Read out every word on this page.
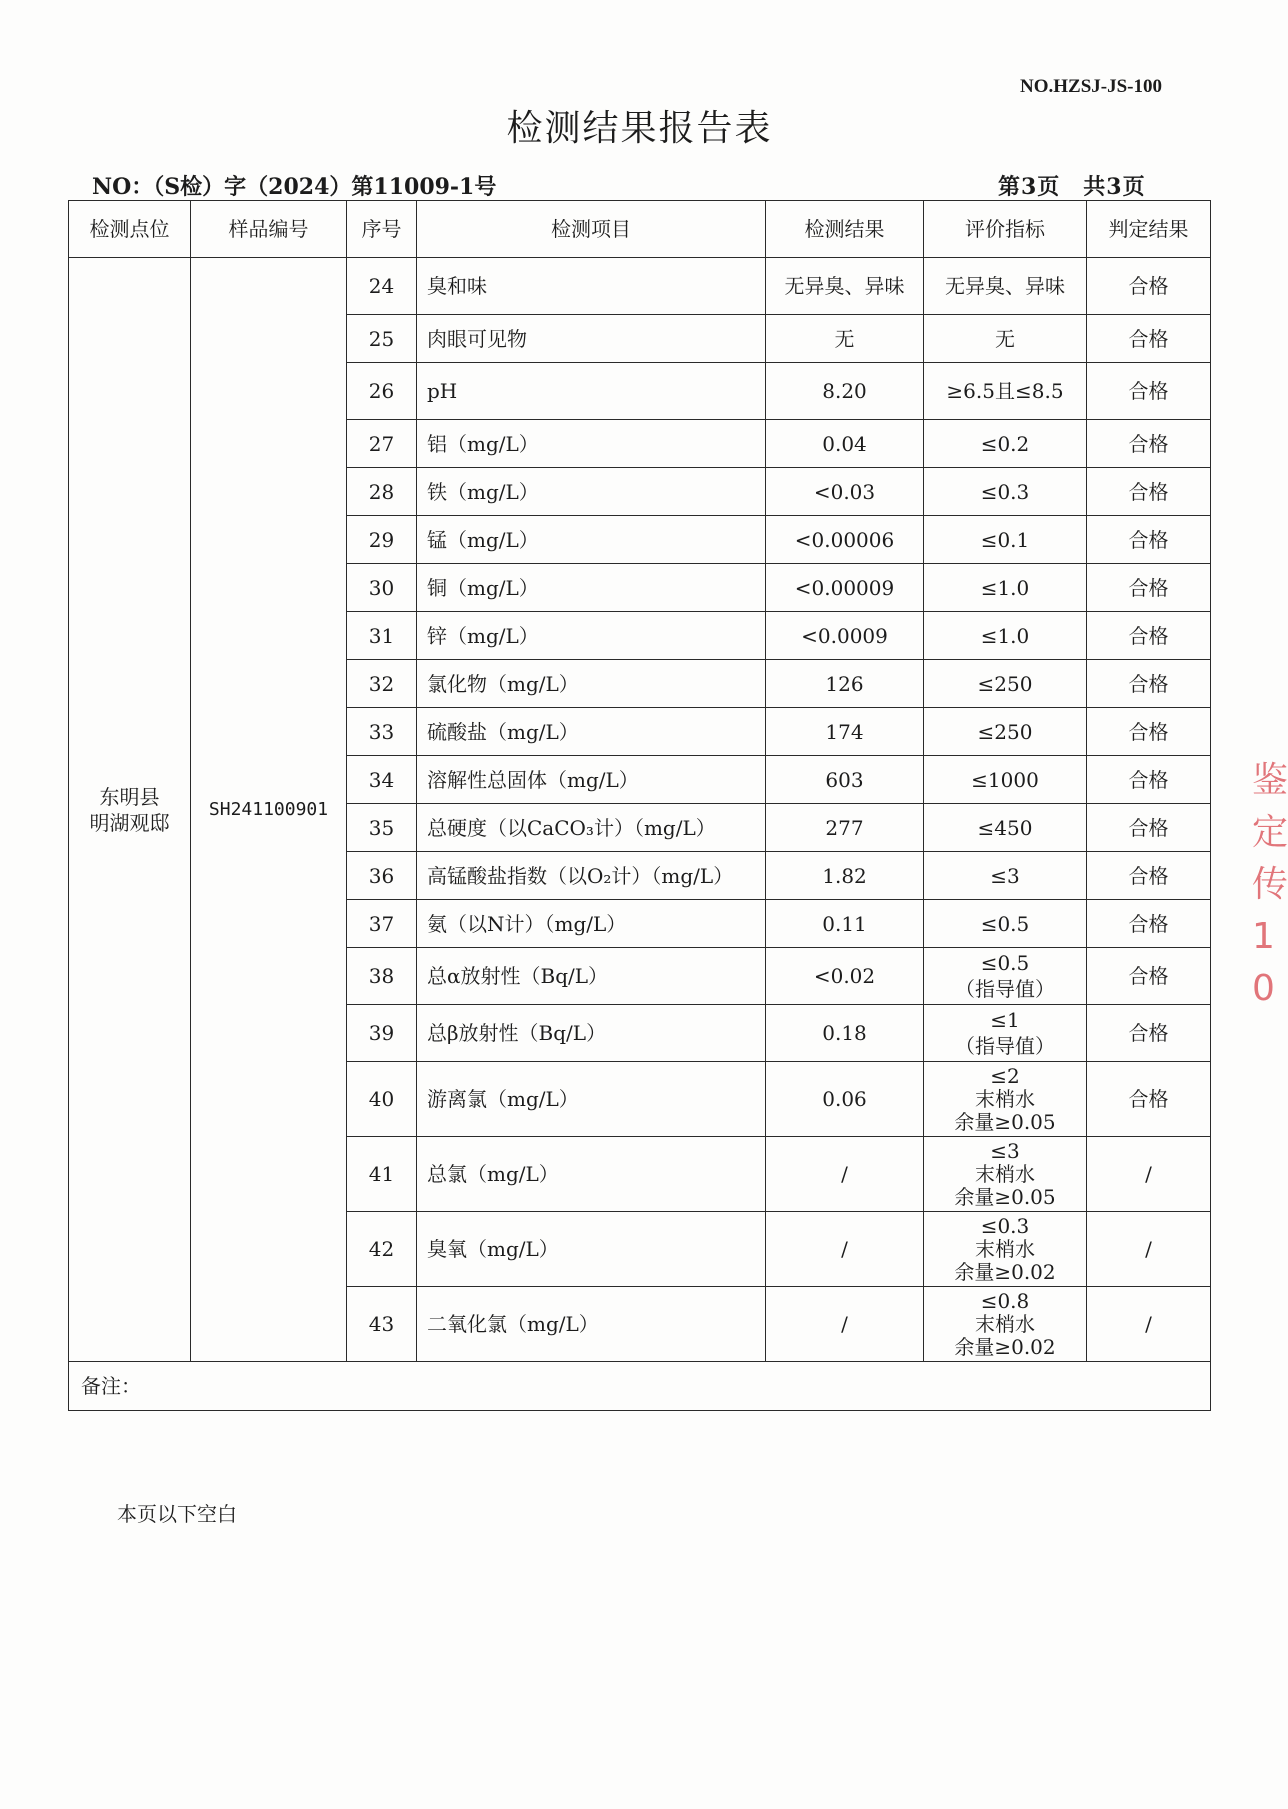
NO.HZSJ-JS-100
检测结果报告表
NO：（S检）字（2024）第11009-1号	第3页　共3页
鉴
定
传
1
0
检测点位	样品编号	序号	检测项目	检测结果	评价指标	判定结果
东明县
明湖观邸	SH241100901	24	臭和味	无异臭、异味	无异臭、异味	合格
		25	肉眼可见物	无	无	合格
		26	pH	8.20	≥6.5且≤8.5	合格
		27	铝（mg/L）	0.04	≤0.2	合格
		28	铁（mg/L）	<0.03	≤0.3	合格
		29	锰（mg/L）	<0.00006	≤0.1	合格
		30	铜（mg/L）	<0.00009	≤1.0	合格
		31	锌（mg/L）	<0.0009	≤1.0	合格
		32	氯化物（mg/L）	126	≤250	合格
		33	硫酸盐（mg/L）	174	≤250	合格
		34	溶解性总固体（mg/L）	603	≤1000	合格
		35	总硬度（以CaCO₃计）（mg/L）	277	≤450	合格
		36	高锰酸盐指数（以O₂计）（mg/L）	1.82	≤3	合格
		37	氨（以N计）（mg/L）	0.11	≤0.5	合格
		38	总α放射性（Bq/L）	<0.02	≤0.5
（指导值）	合格
		39	总β放射性（Bq/L）	0.18	≤1
（指导值）	合格
		40	游离氯（mg/L）	0.06	≤2
末梢水
余量≥0.05	合格
		41	总氯（mg/L）	/	≤3
末梢水
余量≥0.05	/
		42	臭氧（mg/L）	/	≤0.3
末梢水
余量≥0.02	/
		43	二氧化氯（mg/L）	/	≤0.8
末梢水
余量≥0.02	/
备注：						
本页以下空白
